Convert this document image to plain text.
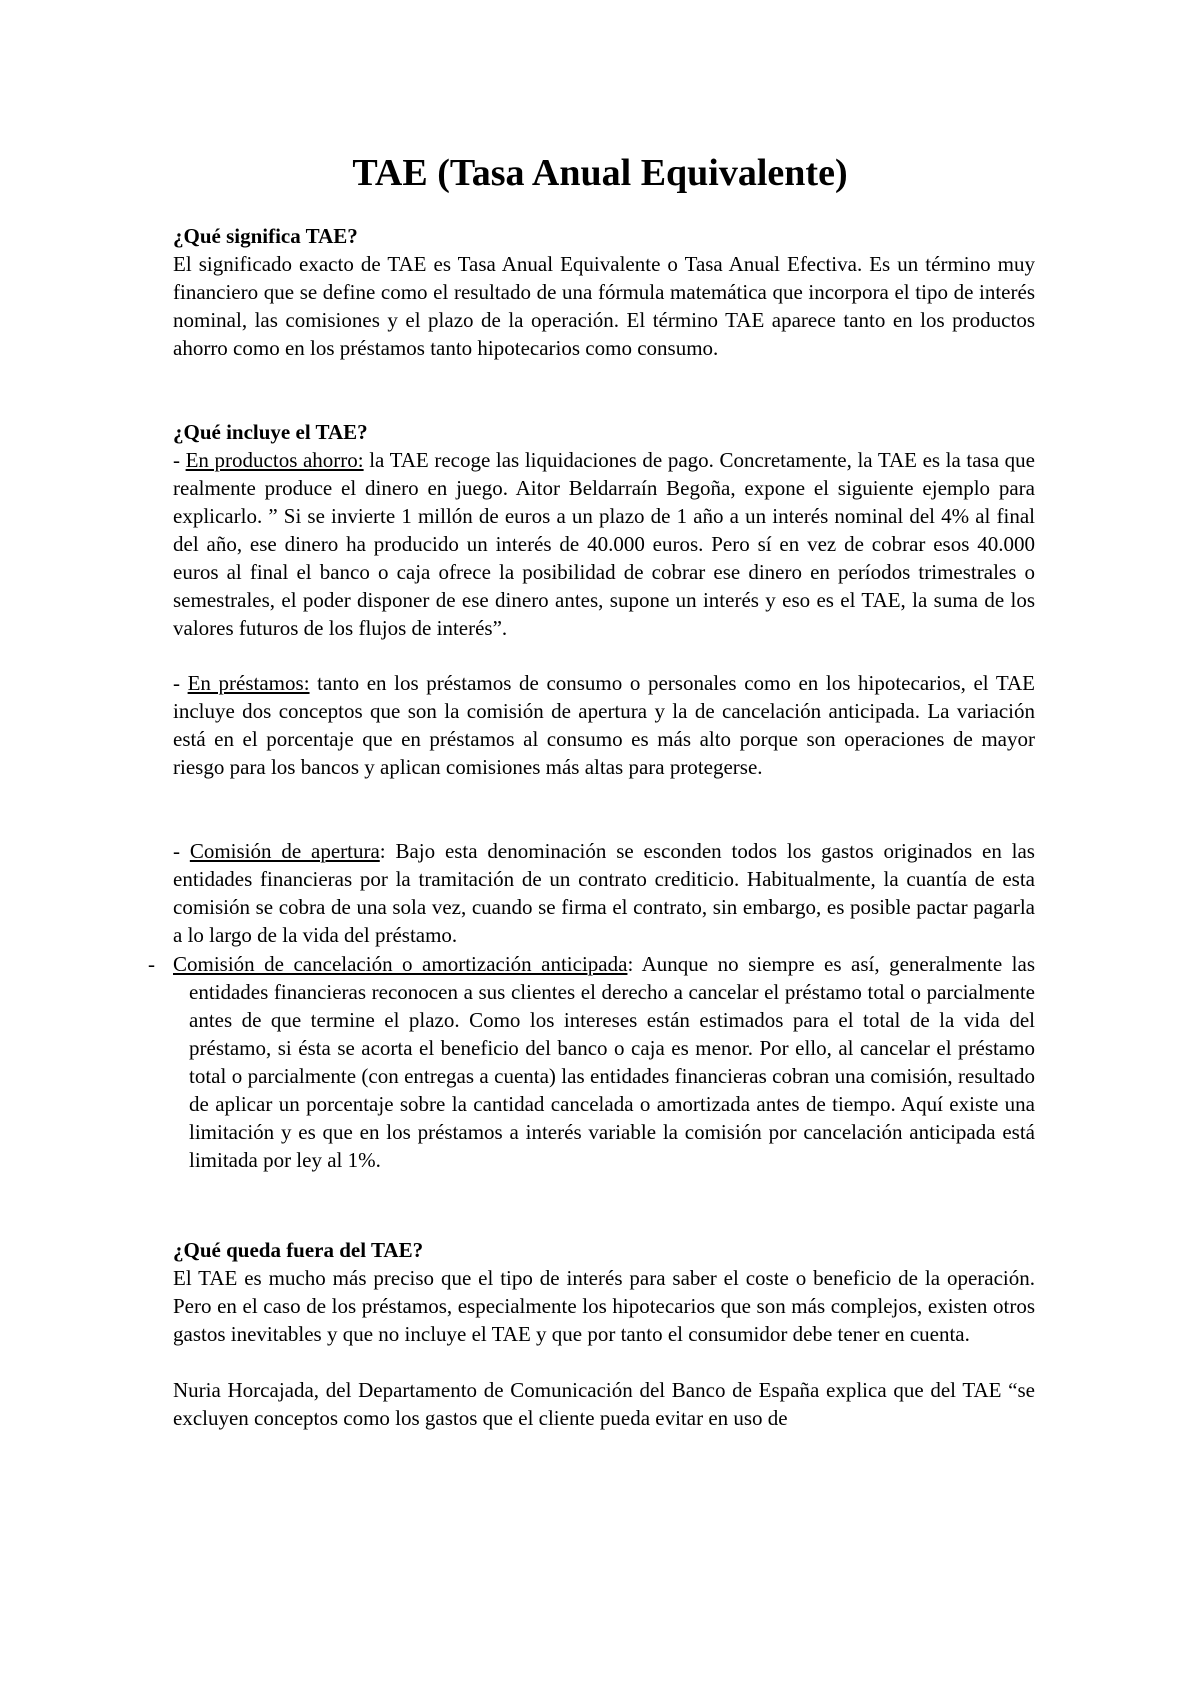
TAE (Tasa Anual Equivalente)
¿Qué significa TAE?

El significado exacto de TAE es Tasa Anual Equivalente o Tasa Anual Efectiva. Es un término muy financiero que se define como el resultado de una fórmula matemática que incorpora el tipo de interés nominal, las comisiones y el plazo de la operación. El término TAE aparece tanto en los productos ahorro como en los préstamos tanto hipotecarios como consumo.

¿Qué incluye el TAE?

- En productos ahorro: la TAE recoge las liquidaciones de pago. Concretamente, la TAE es la tasa que realmente produce el dinero en juego. Aitor Beldarraín Begoña, expone el siguiente ejemplo para explicarlo. ” Si se invierte 1 millón de euros a un plazo de 1 año a un interés nominal del 4% al final del año, ese dinero ha producido un interés de 40.000 euros. Pero sí en vez de cobrar esos 40.000 euros al final el banco o caja ofrece la posibilidad de cobrar ese dinero en períodos trimestrales o semestrales, el poder disponer de ese dinero antes, supone un interés y eso es el TAE, la suma de los valores futuros de los flujos de interés”.

- En préstamos: tanto en los préstamos de consumo o personales como en los hipotecarios, el TAE incluye dos conceptos que son la comisión de apertura y la de cancelación anticipada. La variación está en el porcentaje que en préstamos al consumo es más alto porque son operaciones de mayor riesgo para los bancos y aplican comisiones más altas para protegerse.

- Comisión de apertura: Bajo esta denominación se esconden todos los gastos originados en las entidades financieras por la tramitación de un contrato crediticio. Habitualmente, la cuantía de esta comisión se cobra de una sola vez, cuando se firma el contrato, sin embargo, es posible pactar pagarla a lo largo de la vida del préstamo.

- Comisión de cancelación o amortización anticipada: Aunque no siempre es así, generalmente las entidades financieras reconocen a sus clientes el derecho a cancelar el préstamo total o parcialmente antes de que termine el plazo. Como los intereses están estimados para el total de la vida del préstamo, si ésta se acorta el beneficio del banco o caja es menor. Por ello, al cancelar el préstamo total o parcialmente (con entregas a cuenta) las entidades financieras cobran una comisión, resultado de aplicar un porcentaje sobre la cantidad cancelada o amortizada antes de tiempo. Aquí existe una limitación y es que en los préstamos a interés variable la comisión por cancelación anticipada está limitada por ley al 1%.

¿Qué queda fuera del TAE?

El TAE es mucho más preciso que el tipo de interés para saber el coste o beneficio de la operación. Pero en el caso de los préstamos, especialmente los hipotecarios que son más complejos, existen otros gastos inevitables y que no incluye el TAE y que por tanto el consumidor debe tener en cuenta.

Nuria Horcajada, del Departamento de Comunicación del Banco de España explica que del TAE “se excluyen conceptos como los gastos que el cliente pueda evitar en uso de
